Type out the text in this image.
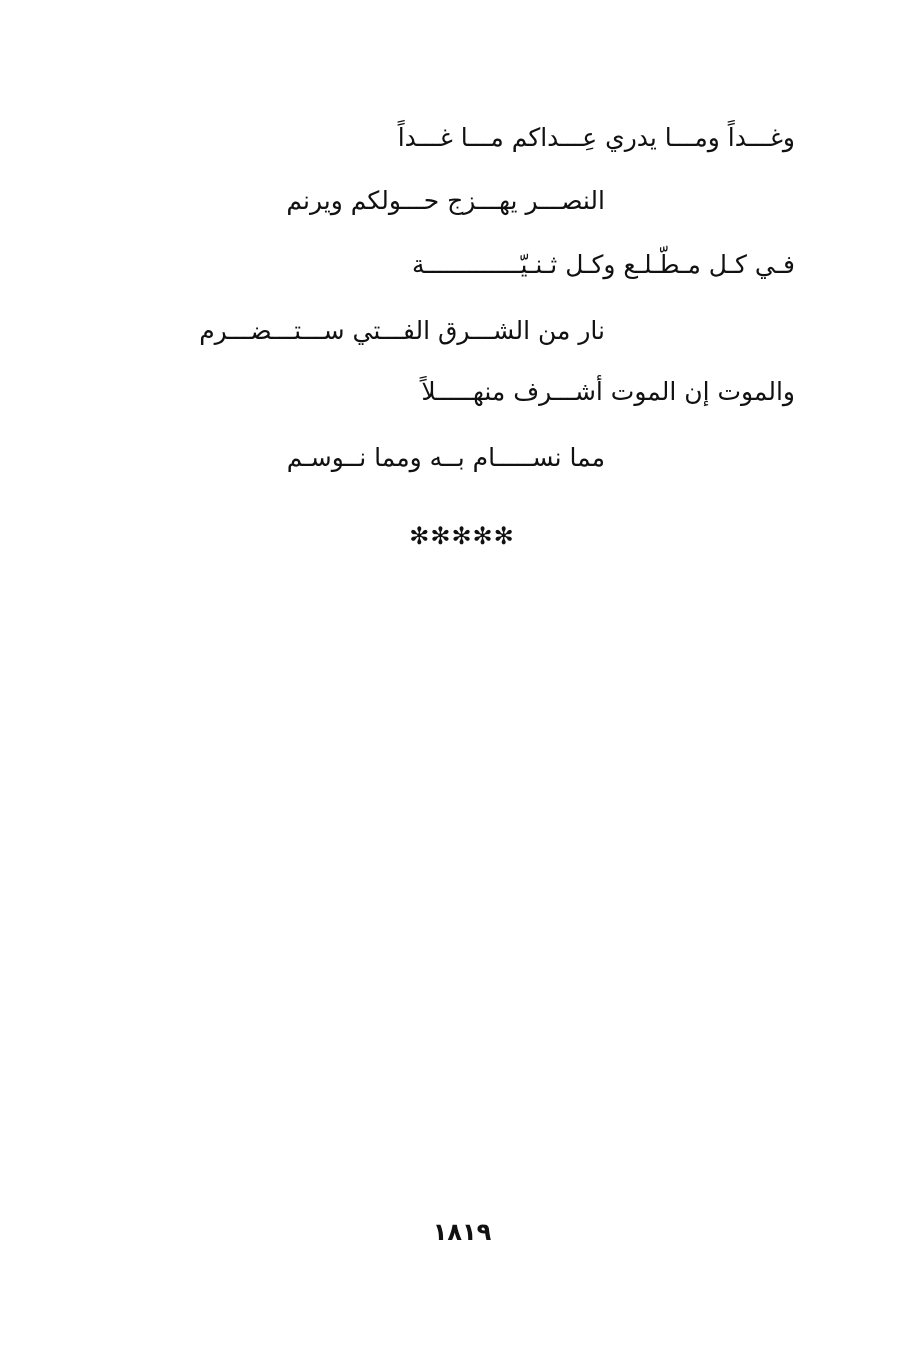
وغـــداً ومـــا يدري عِـــداكم مـــا غـــداً
النصـــر يهـــزج حـــولكم ويرنم
فـي كـل مـطّـلـع وكـل ثـنـيّـــــــــــــة
نار من الشـــرق الفـــتي ســـتـــضـــرم
والموت إن الموت أشـــرف منهـــــلاً
مما نســـــام بــه ومما نــوسـم
✻✻✻✻✻
١٨١٩
